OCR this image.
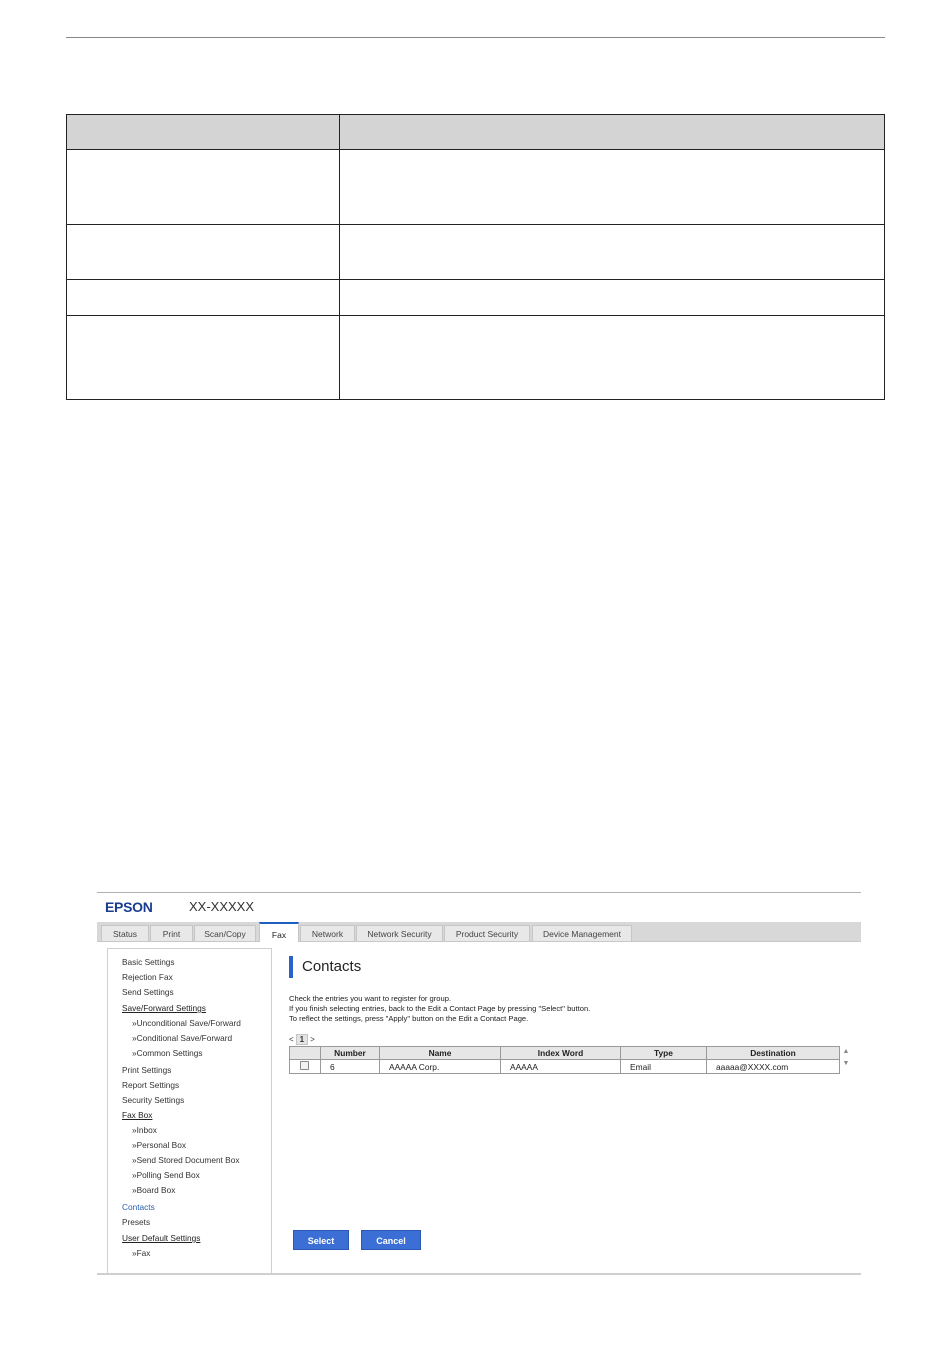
EPSON	XX-XXXXX
Status	Print	Scan/Copy	Fax	Network	Network Security	Product Security	Device Management
Basic Settings
Rejection Fax
Send Settings
Save/Forward Settings
»Unconditional Save/Forward
»Conditional Save/Forward
»Common Settings
Print Settings
Report Settings
Security Settings
Fax Box
»Inbox
»Personal Box
»Send Stored Document Box
»Polling Send Box
»Board Box
Contacts
Presets
User Default Settings
»Fax
Contacts
Check the entries you want to register for group.
If you finish selecting entries, back to the Edit a Contact Page by pressing "Select" button.
To reflect the settings, press "Apply" button on the Edit a Contact Page.
< 1 >
	Number	Name	Index Word	Type	Destination
	6	AAAAA Corp.	AAAAA	Email	aaaaa@XXXX.com
▲
▼
Select	Cancel
